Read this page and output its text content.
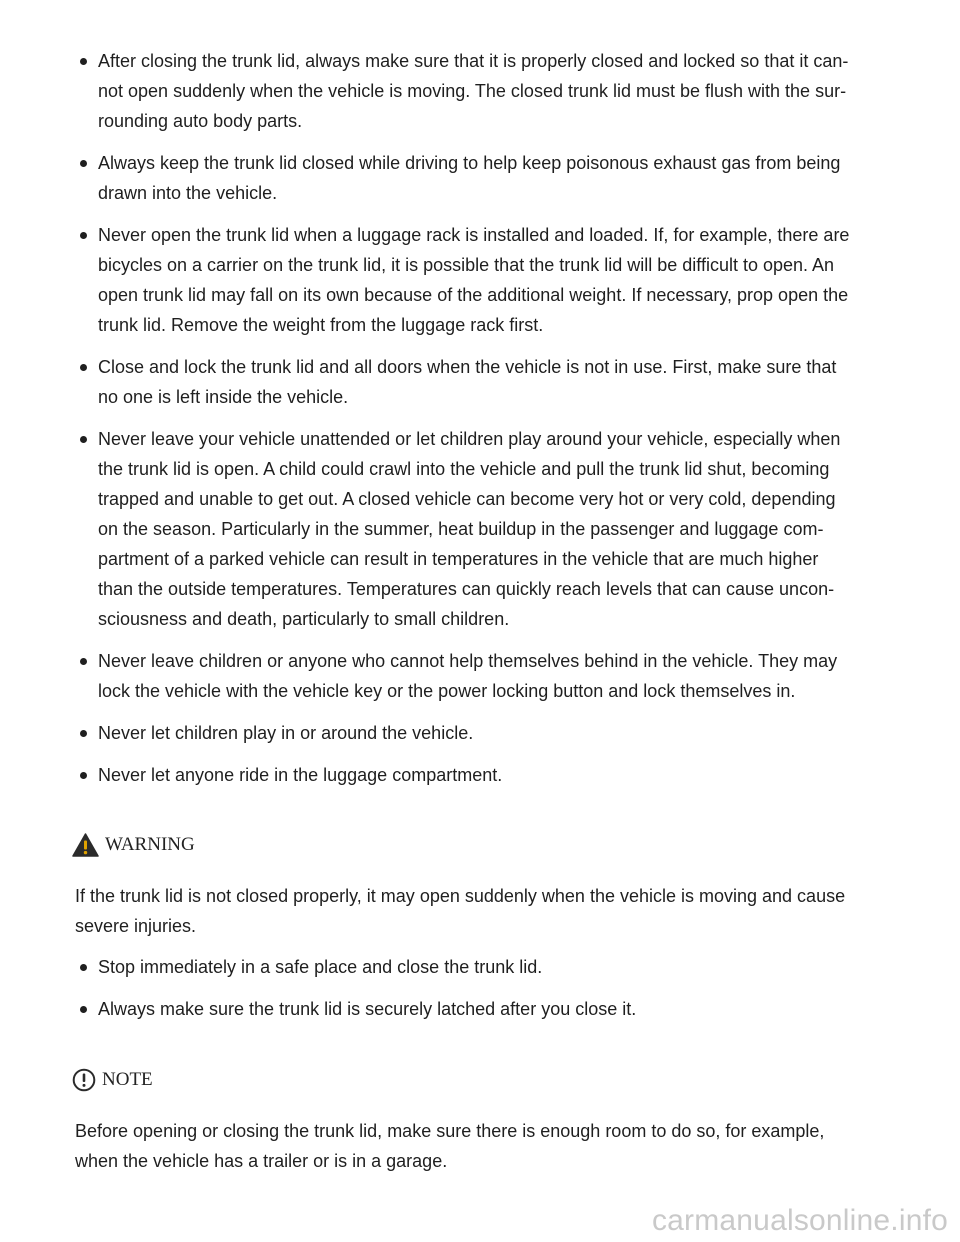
After closing the trunk lid, always make sure that it is properly closed and locked so that it can-
not open suddenly when the vehicle is moving. The closed trunk lid must be flush with the sur-
rounding auto body parts.
Always keep the trunk lid closed while driving to help keep poisonous exhaust gas from being
drawn into the vehicle.
Never open the trunk lid when a luggage rack is installed and loaded. If, for example, there are
bicycles on a carrier on the trunk lid, it is possible that the trunk lid will be difficult to open. An
open trunk lid may fall on its own because of the additional weight. If necessary, prop open the
trunk lid. Remove the weight from the luggage rack first.
Close and lock the trunk lid and all doors when the vehicle is not in use. First, make sure that
no one is left inside the vehicle.
Never leave your vehicle unattended or let children play around your vehicle, especially when
the trunk lid is open. A child could crawl into the vehicle and pull the trunk lid shut, becoming
trapped and unable to get out. A closed vehicle can become very hot or very cold, depending
on the season. Particularly in the summer, heat buildup in the passenger and luggage com-
partment of a parked vehicle can result in temperatures in the vehicle that are much higher
than the outside temperatures. Temperatures can quickly reach levels that can cause uncon-
sciousness and death, particularly to small children.
Never leave children or anyone who cannot help themselves behind in the vehicle. They may
lock the vehicle with the vehicle key or the power locking button and lock themselves in.
Never let children play in or around the vehicle.
Never let anyone ride in the luggage compartment.
WARNING

If the trunk lid is not closed properly, it may open suddenly when the vehicle is moving and cause
severe injuries.

Stop immediately in a safe place and close the trunk lid.
Always make sure the trunk lid is securely latched after you close it.
NOTE

Before opening or closing the trunk lid, make sure there is enough room to do so, for example,
when the vehicle has a trailer or is in a garage.

carmanualsonline.info
